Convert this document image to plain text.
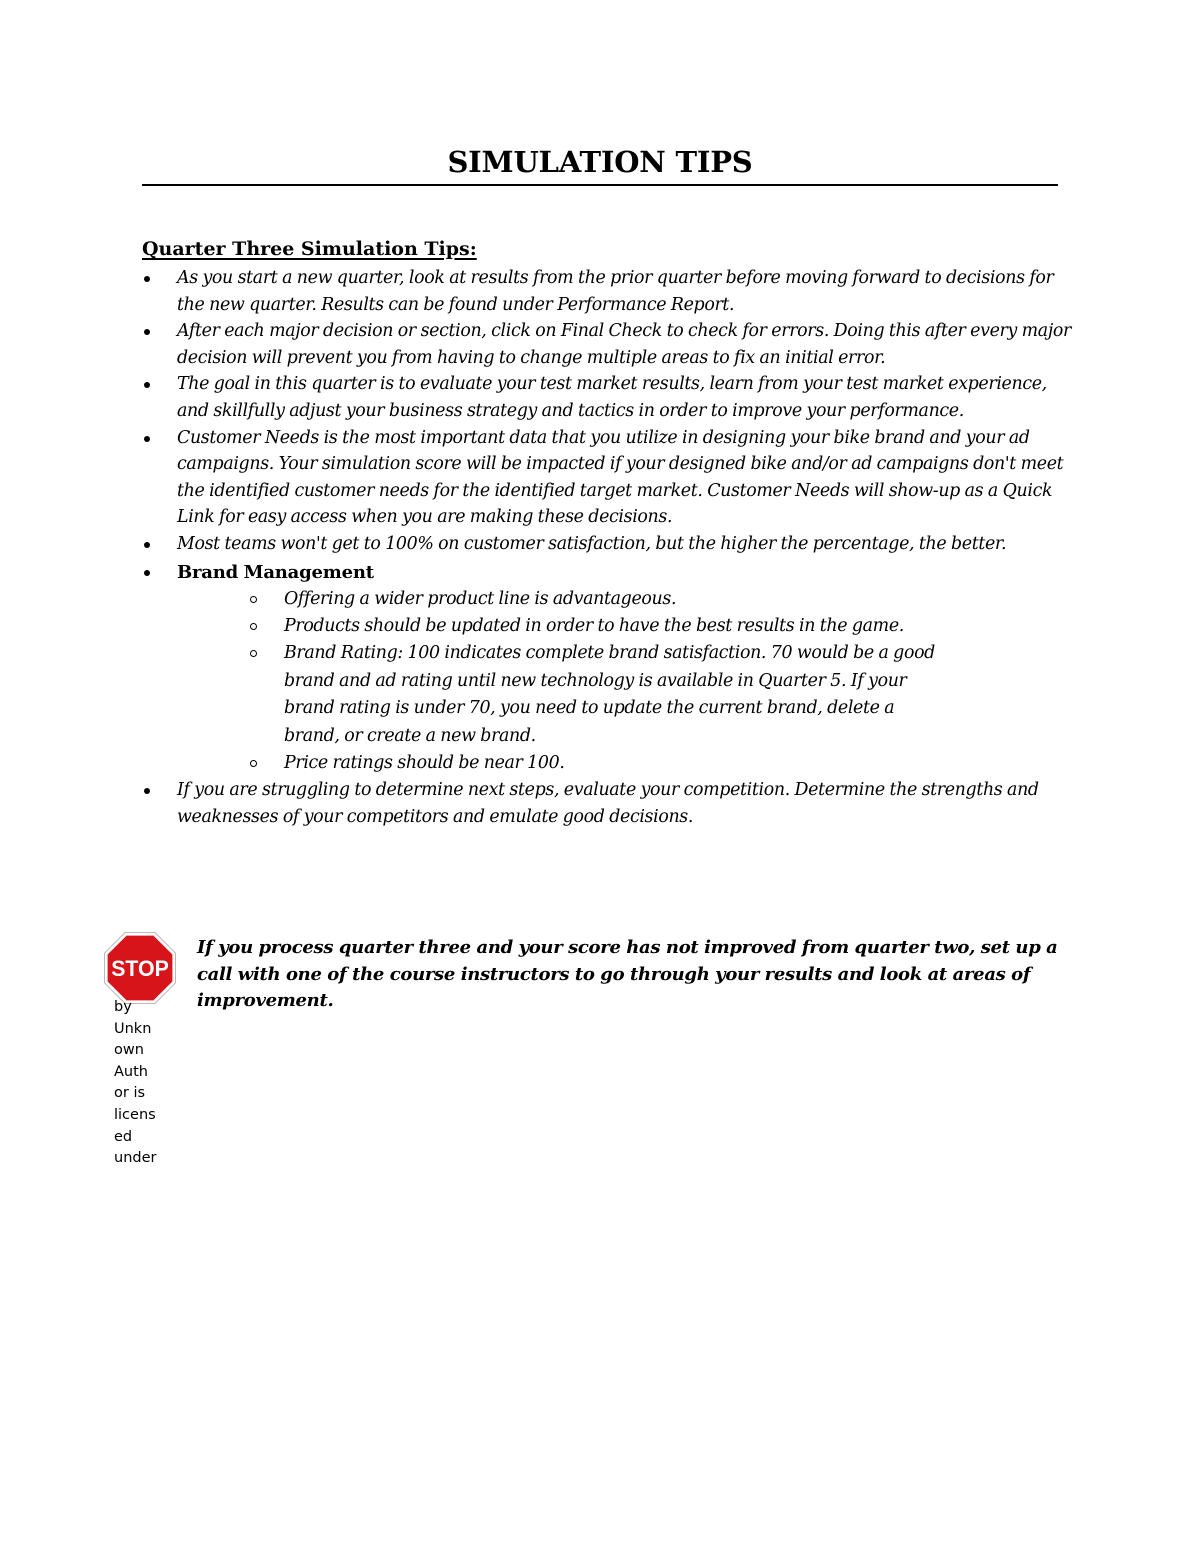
SIMULATION TIPS
Quarter Three Simulation Tips:
As you start a new quarter, look at results from the prior quarter before moving forward to decisions for the new quarter. Results can be found under Performance Report.
After each major decision or section, click on Final Check to check for errors. Doing this after every major decision will prevent you from having to change multiple areas to fix an initial error.
The goal in this quarter is to evaluate your test market results, learn from your test market experience, and skillfully adjust your business strategy and tactics in order to improve your performance.
Customer Needs is the most important data that you utilize in designing your bike brand and your ad campaigns. Your simulation score will be impacted if your designed bike and/or ad campaigns don't meet the identified customer needs for the identified target market. Customer Needs will show-up as a Quick Link for easy access when you are making these decisions.
Most teams won't get to 100% on customer satisfaction, but the higher the percentage, the better.
Brand Management
Offering a wider product line is advantageous.
Products should be updated in order to have the best results in the game.
Brand Rating: 100 indicates complete brand satisfaction. 70 would be a good brand and ad rating until new technology is available in Quarter 5. If your brand rating is under 70, you need to update the current brand, delete a brand, or create a new brand.
Price ratings should be near 100.
If you are struggling to determine next steps, evaluate your competition. Determine the strengths and weaknesses of your competitors and emulate good decisions.
STOP

by
Unkn
own
Auth
or is
licens
ed
under

If you process quarter three and your score has not improved from quarter two, set up a call with one of the course instructors to go through your results and look at areas of improvement.
